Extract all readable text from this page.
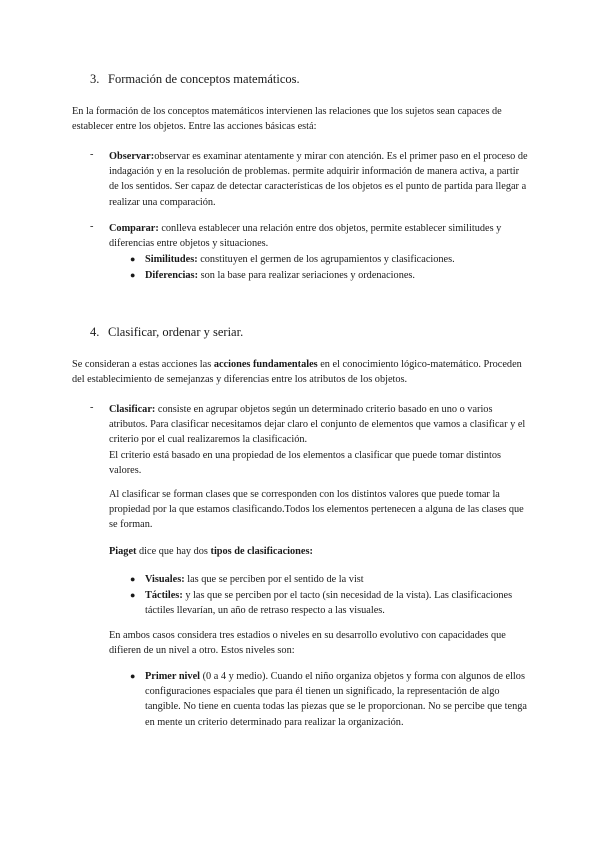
3. Formación de conceptos matemáticos.
En la formación de los conceptos matemáticos intervienen las relaciones que los sujetos sean capaces de establecer entre los objetos. Entre las acciones básicas está:
- Observar:observar es examinar atentamente y mirar con atención. Es el primer paso en el proceso de indagación y en la resolución de problemas. permite adquirir información de manera activa, a partir de los sentidos. Ser capaz de detectar características de los objetos es el punto de partida para llegar a realizar una comparación.
- Comparar: conlleva establecer una relación entre dos objetos, permite establecer similitudes y diferencias entre objetos y situaciones.
● Similitudes: constituyen el germen de los agrupamientos y clasificaciones.
● Diferencias: son la base para realizar seriaciones y ordenaciones.
4. Clasificar, ordenar y seriar.
Se consideran a estas acciones las acciones fundamentales en el conocimiento lógico-matemático. Proceden del establecimiento de semejanzas y diferencias entre los atributos de los objetos.
- Clasificar: consiste en agrupar objetos según un determinado criterio basado en uno o varios atributos. Para clasificar necesitamos dejar claro el conjunto de elementos que vamos a clasificar y el criterio por el cual realizaremos la clasificación.
El criterio está basado en una propiedad de los elementos a clasificar que puede tomar distintos valores.
Al clasificar se forman clases que se corresponden con los distintos valores que puede tomar la propiedad por la que estamos clasificando.Todos los elementos pertenecen a alguna de las clases que se forman.
Piaget dice que hay dos tipos de clasificaciones:
● Visuales: las que se perciben por el sentido de la vist
● Táctiles: y las que se perciben por el tacto (sin necesidad de la vista). Las clasificaciones táctiles llevarían, un año de retraso respecto a las visuales.
En ambos casos considera tres estadios o niveles en su desarrollo evolutivo con capacidades que difieren de un nivel a otro. Estos niveles son:
● Primer nivel (0 a 4 y medio). Cuando el niño organiza objetos y forma con algunos de ellos configuraciones espaciales que para él tienen un significado, la representación de algo tangible. No tiene en cuenta todas las piezas que se le proporcionan. No se percibe que tenga en mente un criterio determinado para realizar la organización.
